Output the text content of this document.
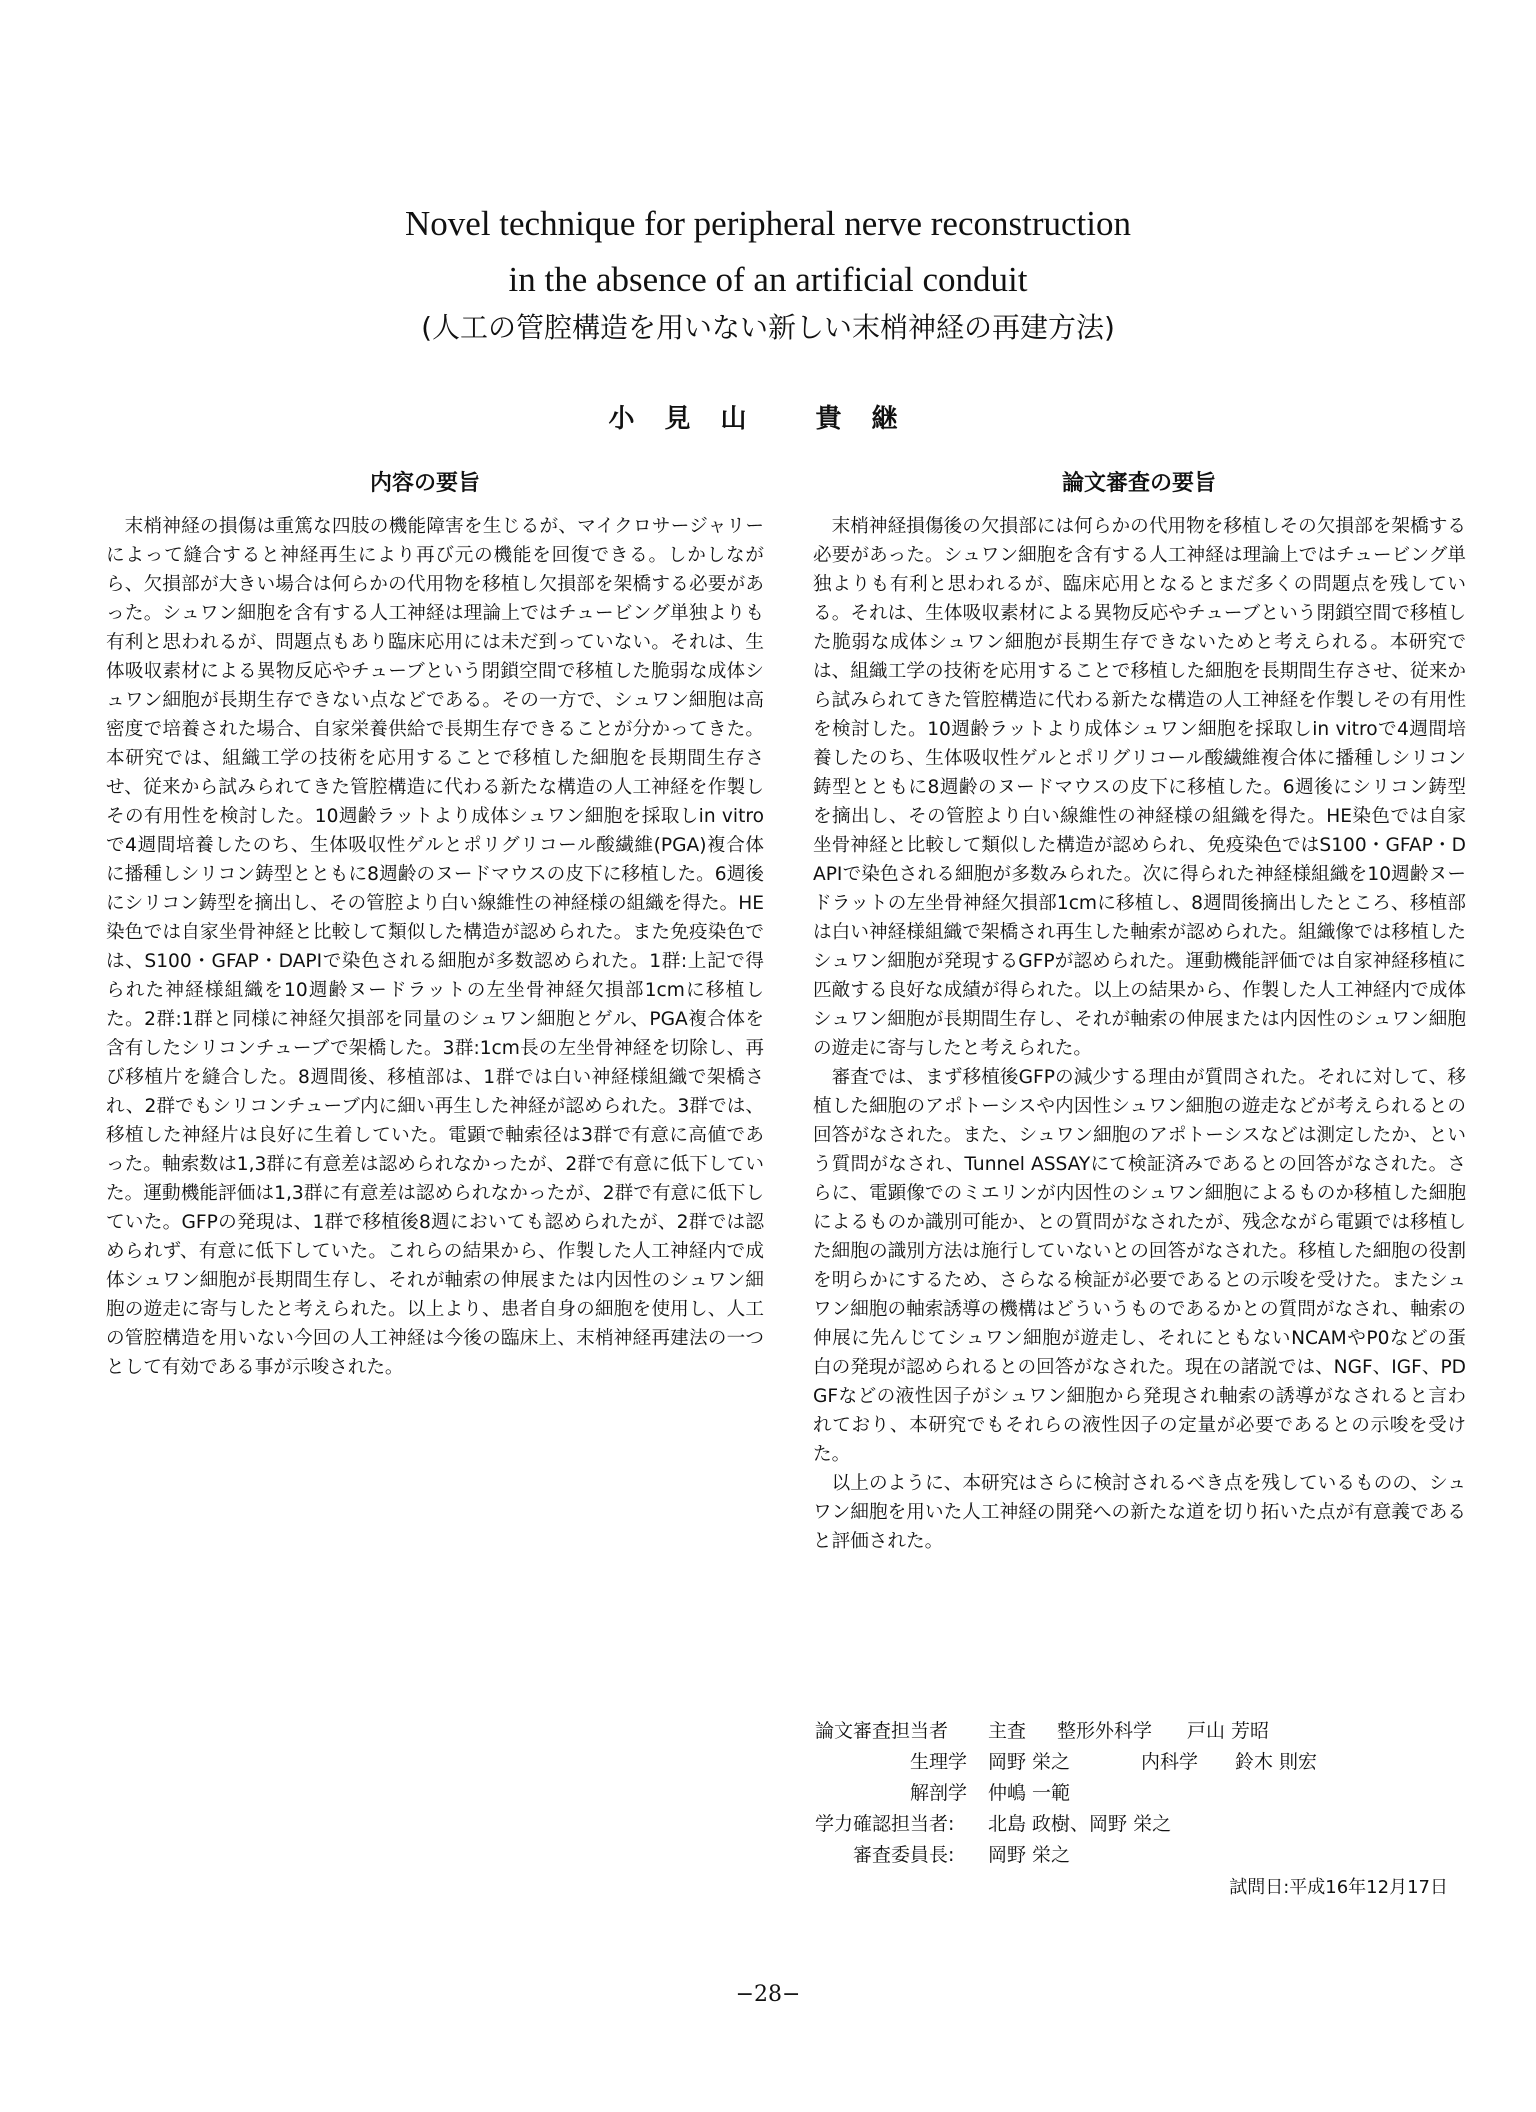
Novel technique for peripheral nerve reconstruction
in the absence of an artificial conduit
(人工の管腔構造を用いない新しい末梢神経の再建方法)
小見山 貴継
内容の要旨	論文審査の要旨

末梢神経の損傷は重篤な四肢の機能障害を生じるが、マイクロサージャリーによって縫合すると神経再生により再び元の機能を回復できる。しかしながら、欠損部が大きい場合は何らかの代用物を移植し欠損部を架橋する必要があった。シュワン細胞を含有する人工神経は理論上ではチュービング単独よりも有利と思われるが、問題点もあり臨床応用には未だ到っていない。それは、生体吸収素材による異物反応やチューブという閉鎖空間で移植した脆弱な成体シュワン細胞が長期生存できない点などである。その一方で、シュワン細胞は高密度で培養された場合、自家栄養供給で長期生存できることが分かってきた。本研究では、組織工学の技術を応用することで移植した細胞を長期間生存させ、従来から試みられてきた管腔構造に代わる新たな構造の人工神経を作製しその有用性を検討した。10週齢ラットより成体シュワン細胞を採取しin vitroで4週間培養したのち、生体吸収性ゲルとポリグリコール酸繊維(PGA)複合体に播種しシリコン鋳型とともに8週齢のヌードマウスの皮下に移植した。6週後にシリコン鋳型を摘出し、その管腔より白い線維性の神経様の組織を得た。HE染色では自家坐骨神経と比較して類似した構造が認められた。また免疫染色では、S100・GFAP・DAPIで染色される細胞が多数認められた。1群:上記で得られた神経様組織を10週齢ヌードラットの左坐骨神経欠損部1cmに移植した。2群:1群と同様に神経欠損部を同量のシュワン細胞とゲル、PGA複合体を含有したシリコンチューブで架橋した。3群:1cm長の左坐骨神経を切除し、再び移植片を縫合した。8週間後、移植部は、1群では白い神経様組織で架橋され、2群でもシリコンチューブ内に細い再生した神経が認められた。3群では、移植した神経片は良好に生着していた。電顕で軸索径は3群で有意に高値であった。軸索数は1,3群に有意差は認められなかったが、2群で有意に低下していた。運動機能評価は1,3群に有意差は認められなかったが、2群で有意に低下していた。GFPの発現は、1群で移植後8週においても認められたが、2群では認められず、有意に低下していた。これらの結果から、作製した人工神経内で成体シュワン細胞が長期間生存し、それが軸索の伸展または内因性のシュワン細胞の遊走に寄与したと考えられた。以上より、患者自身の細胞を使用し、人工の管腔構造を用いない今回の人工神経は今後の臨床上、末梢神経再建法の一つとして有効である事が示唆された。

末梢神経損傷後の欠損部には何らかの代用物を移植しその欠損部を架橋する必要があった。シュワン細胞を含有する人工神経は理論上ではチュービング単独よりも有利と思われるが、臨床応用となるとまだ多くの問題点を残している。それは、生体吸収素材による異物反応やチューブという閉鎖空間で移植した脆弱な成体シュワン細胞が長期生存できないためと考えられる。本研究では、組織工学の技術を応用することで移植した細胞を長期間生存させ、従来から試みられてきた管腔構造に代わる新たな構造の人工神経を作製しその有用性を検討した。10週齢ラットより成体シュワン細胞を採取しin vitroで4週間培養したのち、生体吸収性ゲルとポリグリコール酸繊維複合体に播種しシリコン鋳型とともに8週齢のヌードマウスの皮下に移植した。6週後にシリコン鋳型を摘出し、その管腔より白い線維性の神経様の組織を得た。HE染色では自家坐骨神経と比較して類似した構造が認められ、免疫染色ではS100・GFAP・DAPIで染色される細胞が多数みられた。次に得られた神経様組織を10週齢ヌードラットの左坐骨神経欠損部1cmに移植し、8週間後摘出したところ、移植部は白い神経様組織で架橋され再生した軸索が認められた。組織像では移植したシュワン細胞が発現するGFPが認められた。運動機能評価では自家神経移植に匹敵する良好な成績が得られた。以上の結果から、作製した人工神経内で成体シュワン細胞が長期間生存し、それが軸索の伸展または内因性のシュワン細胞の遊走に寄与したと考えられた。

審査では、まず移植後GFPの減少する理由が質問された。それに対して、移植した細胞のアポトーシスや内因性シュワン細胞の遊走などが考えられるとの回答がなされた。また、シュワン細胞のアポトーシスなどは測定したか、という質問がなされ、Tunnel ASSAYにて検証済みであるとの回答がなされた。さらに、電顕像でのミエリンが内因性のシュワン細胞によるものか移植した細胞によるものか識別可能か、との質問がなされたが、残念ながら電顕では移植した細胞の識別方法は施行していないとの回答がなされた。移植した細胞の役割を明らかにするため、さらなる検証が必要であるとの示唆を受けた。またシュワン細胞の軸索誘導の機構はどういうものであるかとの質問がなされ、軸索の伸展に先んじてシュワン細胞が遊走し、それにともないNCAMやP0などの蛋白の発現が認められるとの回答がなされた。現在の諸説では、NGF、IGF、PDGFなどの液性因子がシュワン細胞から発現され軸索の誘導がなされると言われており、本研究でもそれらの液性因子の定量が必要であるとの示唆を受けた。

以上のように、本研究はさらに検討されるべき点を残しているものの、シュワン細胞を用いた人工神経の開発への新たな道を切り拓いた点が有意義であると評価された。

論文審査担当者 主査 整形外科学 戸山 芳昭
生理学 岡野 栄之	内科学 鈴木 則宏
解剖学 仲嶋 一範
学力確認担当者: 北島 政樹、岡野 栄之
審査委員長: 岡野 栄之
試問日:平成16年12月17日
−28−
